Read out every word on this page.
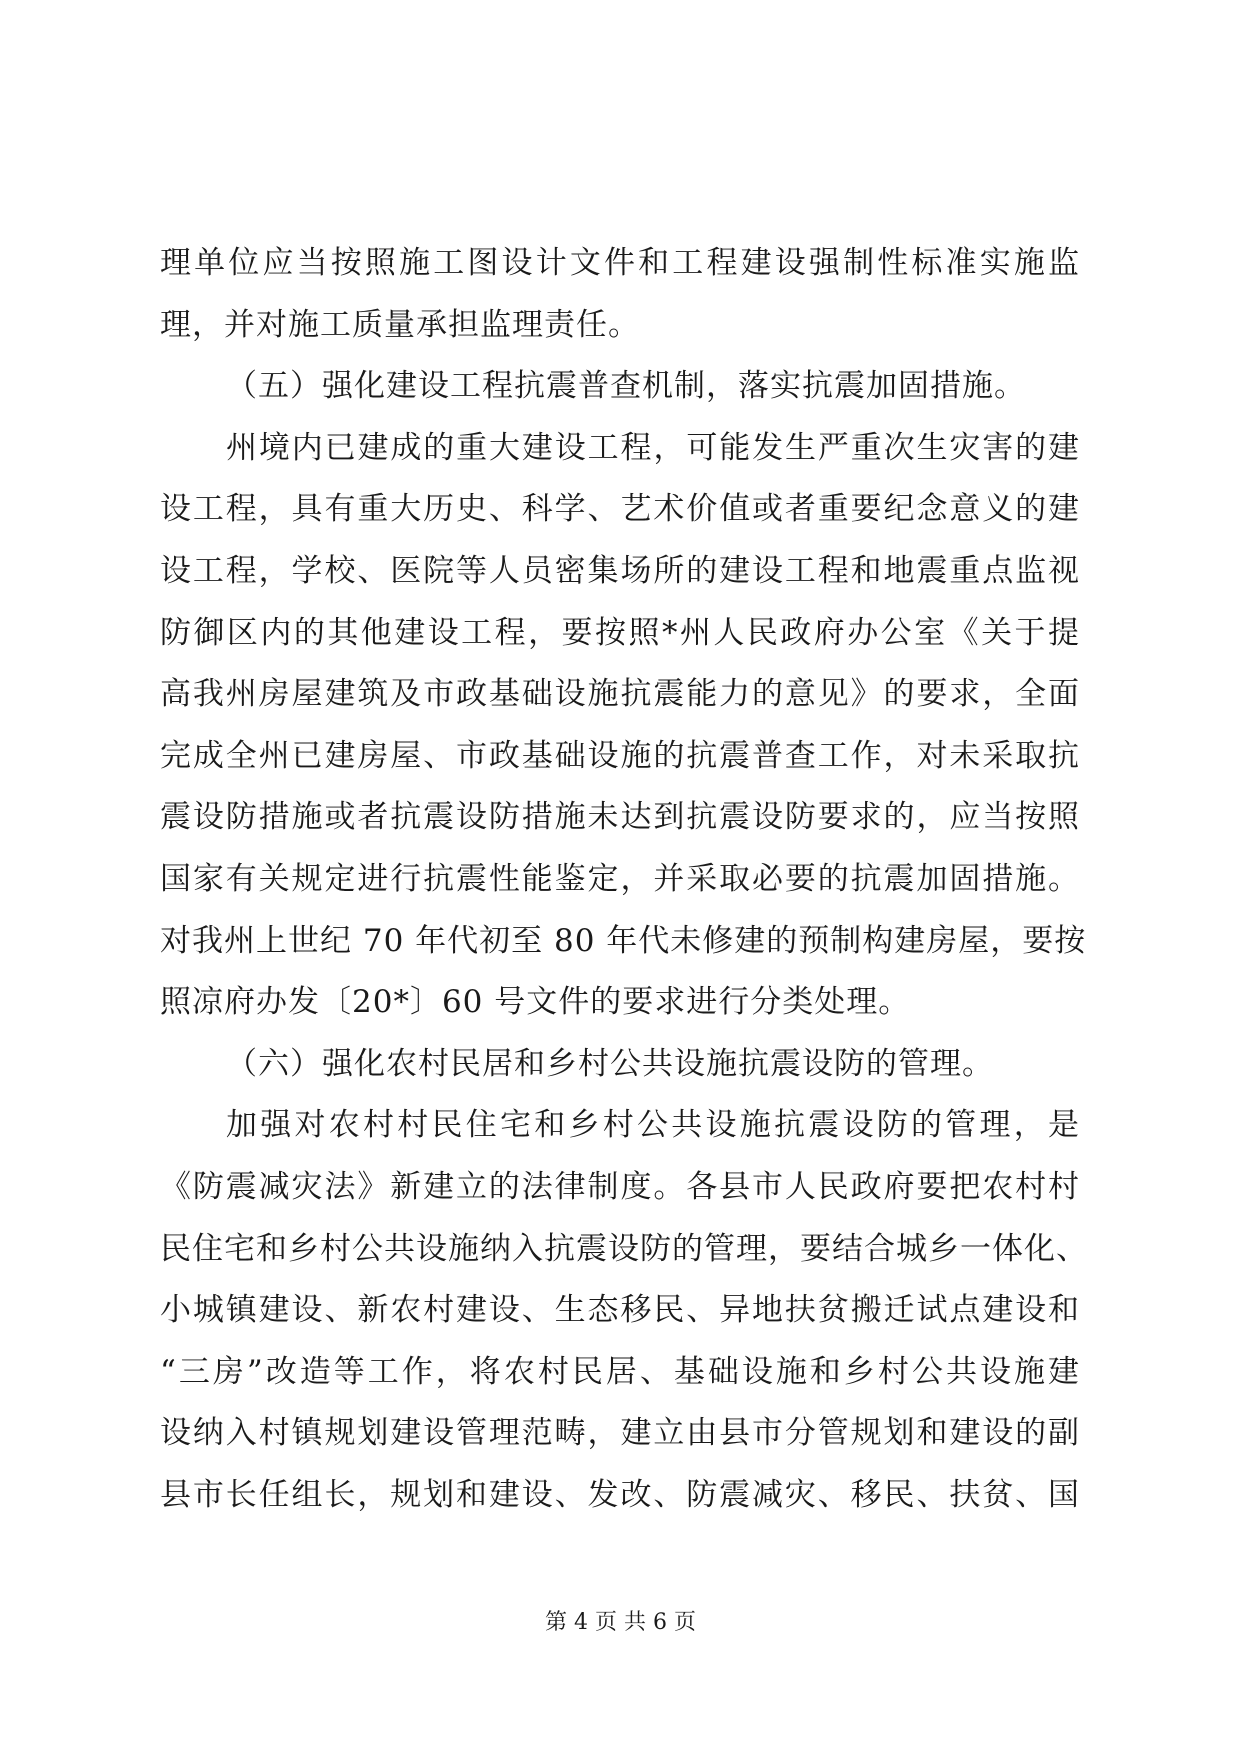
理单位应当按照施工图设计文件和工程建设强制性标准实施监
理，并对施工质量承担监理责任。
（五）强化建设工程抗震普查机制，落实抗震加固措施。
州境内已建成的重大建设工程，可能发生严重次生灾害的建
设工程，具有重大历史、科学、艺术价值或者重要纪念意义的建
设工程，学校、医院等人员密集场所的建设工程和地震重点监视
防御区内的其他建设工程，要按照*州人民政府办公室《关于提
高我州房屋建筑及市政基础设施抗震能力的意见》的要求，全面
完成全州已建房屋、市政基础设施的抗震普查工作，对未采取抗
震设防措施或者抗震设防措施未达到抗震设防要求的，应当按照
国家有关规定进行抗震性能鉴定，并采取必要的抗震加固措施。
对我州上世纪 70 年代初至 80 年代未修建的预制构建房屋，要按
照凉府办发〔20*〕60 号文件的要求进行分类处理。
（六）强化农村民居和乡村公共设施抗震设防的管理。
加强对农村村民住宅和乡村公共设施抗震设防的管理，是
《防震减灾法》新建立的法律制度。各县市人民政府要把农村村
民住宅和乡村公共设施纳入抗震设防的管理，要结合城乡一体化、
小城镇建设、新农村建设、生态移民、异地扶贫搬迁试点建设和
“三房”改造等工作，将农村民居、基础设施和乡村公共设施建
设纳入村镇规划建设管理范畴，建立由县市分管规划和建设的副
县市长任组长，规划和建设、发改、防震减灾、移民、扶贫、国
第 4 页 共 6 页
